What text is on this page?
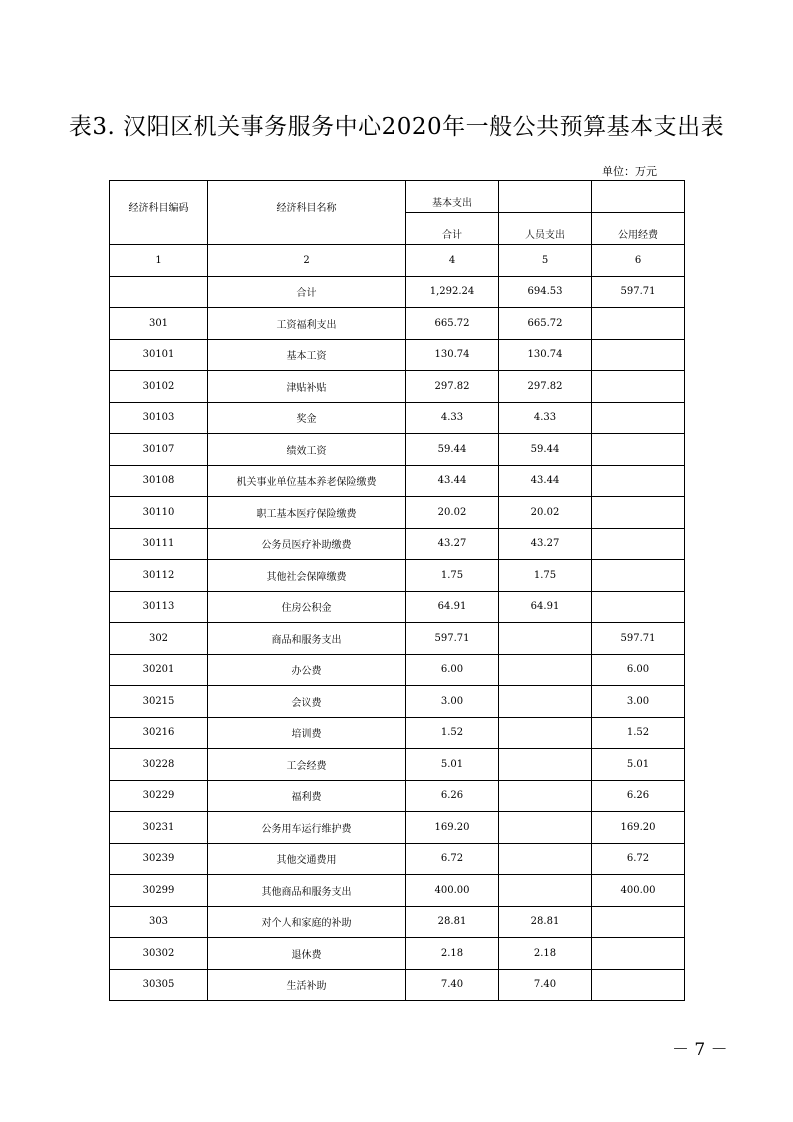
表3. 汉阳区机关事务服务中心2020年一般公共预算基本支出表
单位：万元
经济科目编码	经济科目名称	基本支出		
		合计	人员支出	公用经费
1	2	4	5	6
	合计	1,292.24	694.53	597.71
301	工资福利支出	665.72	665.72	
30101	基本工资	130.74	130.74	
30102	津贴补贴	297.82	297.82	
30103	奖金	4.33	4.33	
30107	绩效工资	59.44	59.44	
30108	机关事业单位基本养老保险缴费	43.44	43.44	
30110	职工基本医疗保险缴费	20.02	20.02	
30111	公务员医疗补助缴费	43.27	43.27	
30112	其他社会保障缴费	1.75	1.75	
30113	住房公积金	64.91	64.91	
302	商品和服务支出	597.71		597.71
30201	办公费	6.00		6.00
30215	会议费	3.00		3.00
30216	培训费	1.52		1.52
30228	工会经费	5.01		5.01
30229	福利费	6.26		6.26
30231	公务用车运行维护费	169.20		169.20
30239	其他交通费用	6.72		6.72
30299	其他商品和服务支出	400.00		400.00
303	对个人和家庭的补助	28.81	28.81	
30302	退休费	2.18	2.18	
30305	生活补助	7.40	7.40	
－ 7 －
